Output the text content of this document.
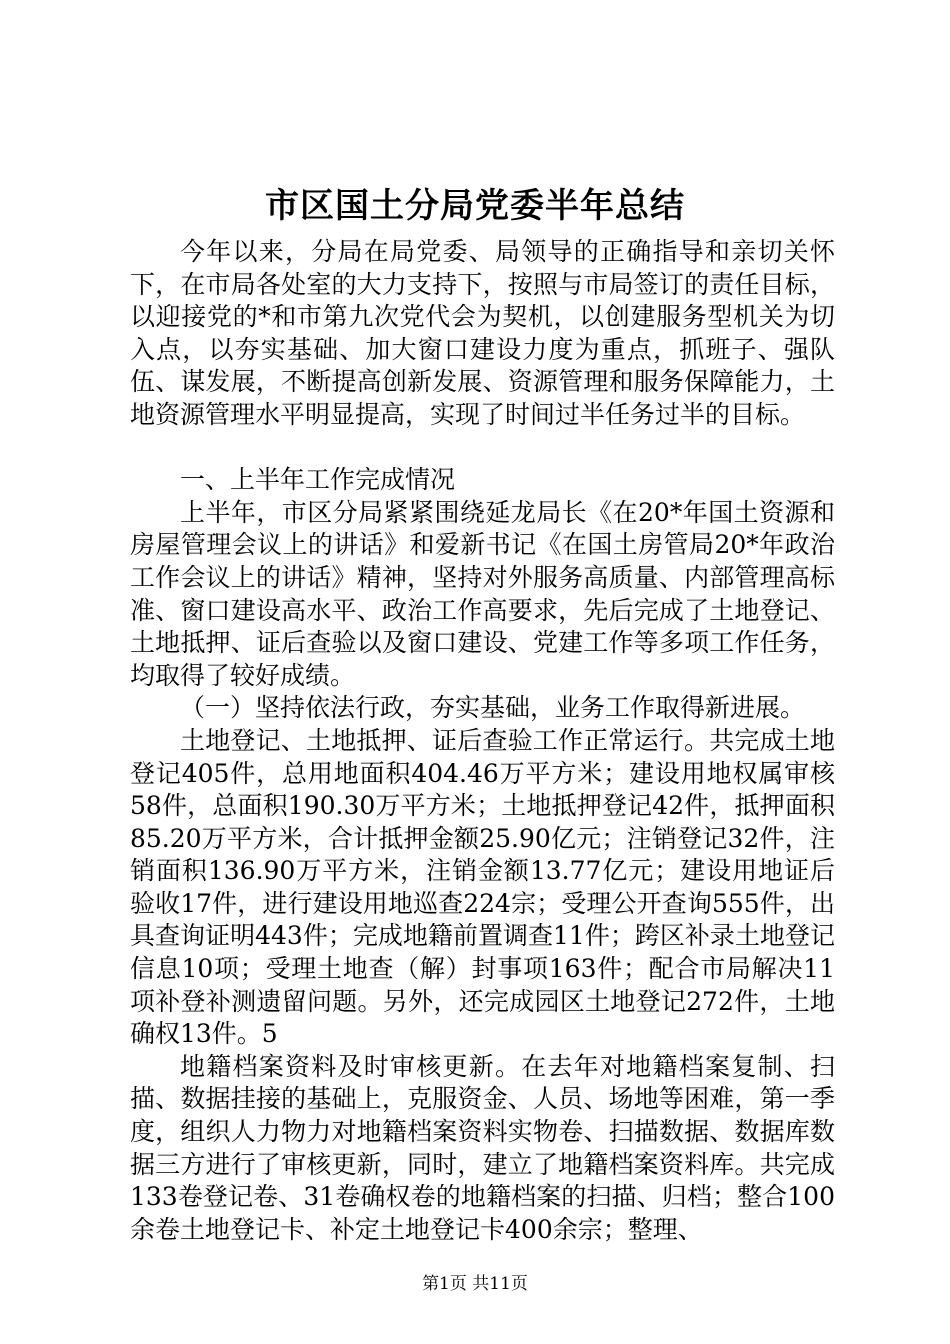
市区国土分局党委半年总结

今年以来，分局在局党委、局领导的正确指导和亲切关怀下，在市局各处室的大力支持下，按照与市局签订的责任目标，以迎接党的*和市第九次党代会为契机，以创建服务型机关为切入点，以夯实基础、加大窗口建设力度为重点，抓班子、强队伍、谋发展，不断提高创新发展、资源管理和服务保障能力，土地资源管理水平明显提高，实现了时间过半任务过半的目标。

一、上半年工作完成情况

上半年，市区分局紧紧围绕延龙局长《在20*年国土资源和房屋管理会议上的讲话》和爱新书记《在国土房管局20*年政治工作会议上的讲话》精神，坚持对外服务高质量、内部管理高标准、窗口建设高水平、政治工作高要求，先后完成了土地登记、土地抵押、证后查验以及窗口建设、党建工作等多项工作任务，均取得了较好成绩。

（一）坚持依法行政，夯实基础，业务工作取得新进展。

土地登记、土地抵押、证后查验工作正常运行。共完成土地登记405件，总用地面积404.46万平方米；建设用地权属审核58件，总面积190.30万平方米；土地抵押登记42件，抵押面积85.20万平方米，合计抵押金额25.90亿元；注销登记32件，注销面积136.90万平方米，注销金额13.77亿元；建设用地证后验收17件，进行建设用地巡查224宗；受理公开查询555件，出具查询证明443件；完成地籍前置调查11件；跨区补录土地登记信息10项；受理土地查（解）封事项163件；配合市局解决11项补登补测遗留问题。另外，还完成园区土地登记272件，土地确权13件。5

地籍档案资料及时审核更新。在去年对地籍档案复制、扫描、数据挂接的基础上，克服资金、人员、场地等困难，第一季度，组织人力物力对地籍档案资料实物卷、扫描数据、数据库数据三方进行了审核更新，同时，建立了地籍档案资料库。共完成133卷登记卷、31卷确权卷的地籍档案的扫描、归档；整合100余卷土地登记卡、补定土地登记卡400余宗；整理、

第1页 共11页
